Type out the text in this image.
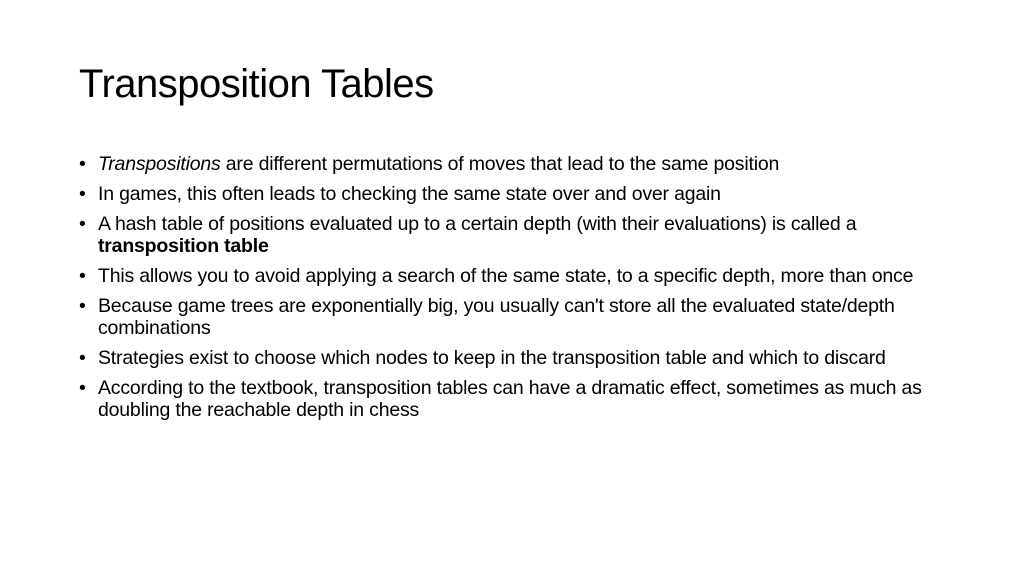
Transposition Tables
• Transpositions are different permutations of moves that lead to the same position
• In games, this often leads to checking the same state over and over again
• A hash table of positions evaluated up to a certain depth (with their evaluations) is called a transposition table
• This allows you to avoid applying a search of the same state, to a specific depth, more than once
• Because game trees are exponentially big, you usually can't store all the evaluated state/depth combinations
• Strategies exist to choose which nodes to keep in the transposition table and which to discard
• According to the textbook, transposition tables can have a dramatic effect, sometimes as much as doubling the reachable depth in chess
